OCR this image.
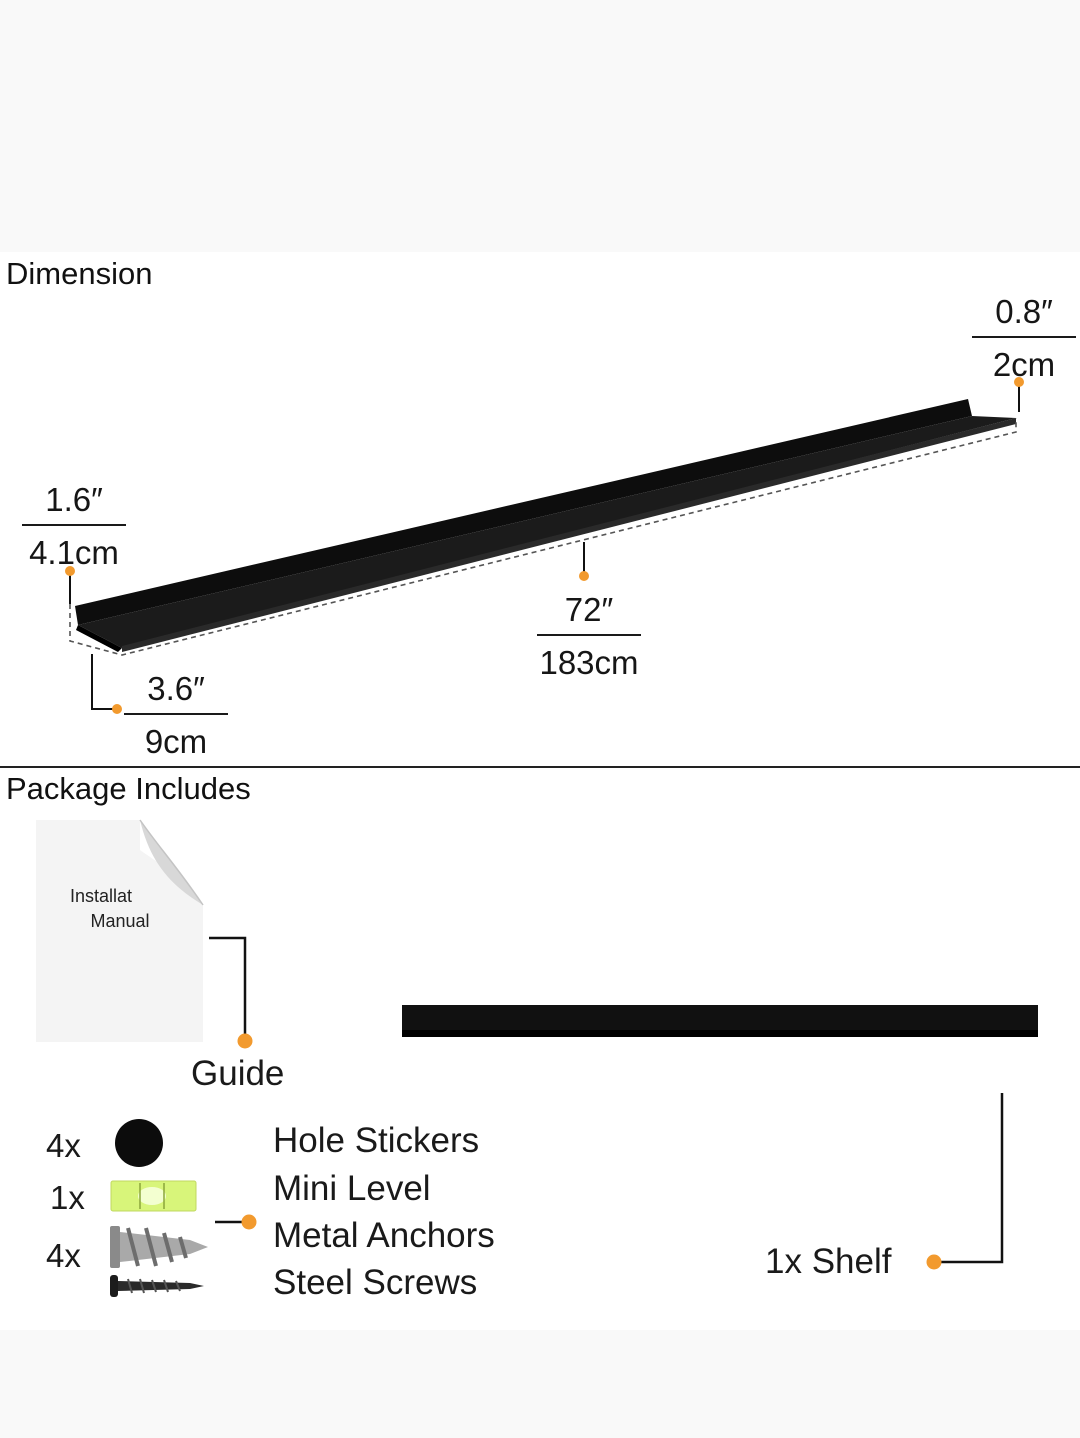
Dimension
Package Includes
0.8″
2cm
1.6″
4.1cm
72″
183cm
3.6″
9cm
Installat
Manual
Guide
4x
1x
4x
Hole Stickers
Mini Level
Metal Anchors
Steel Screws
1x Shelf
